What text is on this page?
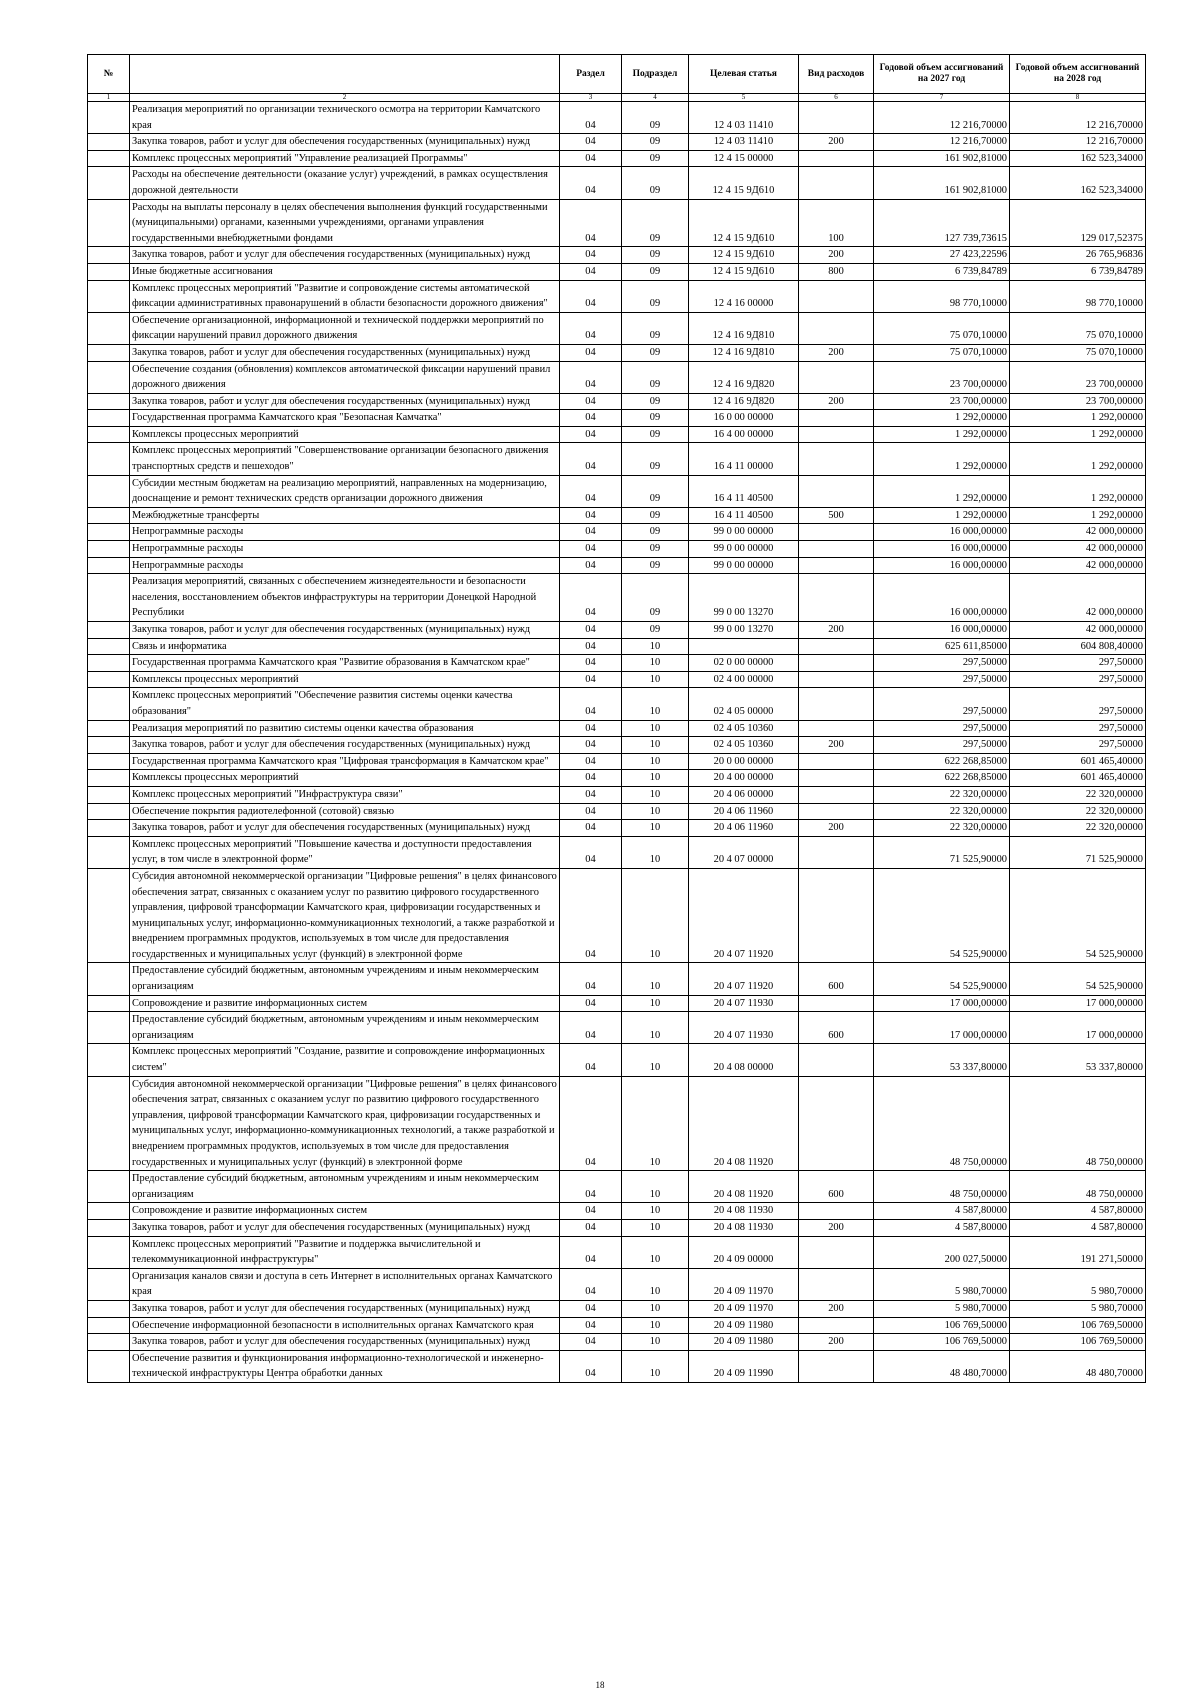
№		Раздел	Подраздел	Целевая статья	Вид расходов	Годовой объем ассигнований на 2027 год	Годовой объем ассигнований на 2028 год
1	2	3	4	5	6	7	8
	Реализация мероприятий по организации технического осмотра на территории Камчатского края	04	09	12 4 03 11410		12 216,70000	12 216,70000
	Закупка товаров, работ и услуг для обеспечения государственных (муниципальных) нужд	04	09	12 4 03 11410	200	12 216,70000	12 216,70000
	Комплекс процессных мероприятий "Управление реализацией Программы"	04	09	12 4 15 00000		161 902,81000	162 523,34000
	Расходы на обеспечение деятельности (оказание услуг) учреждений, в рамках осуществления дорожной деятельности	04	09	12 4 15 9Д610		161 902,81000	162 523,34000
	Расходы на выплаты персоналу в целях обеспечения выполнения функций государственными (муниципальными) органами, казенными учреждениями, органами управления государственными внебюджетными фондами	04	09	12 4 15 9Д610	100	127 739,73615	129 017,52375
	Закупка товаров, работ и услуг для обеспечения государственных (муниципальных) нужд	04	09	12 4 15 9Д610	200	27 423,22596	26 765,96836
	Иные бюджетные ассигнования	04	09	12 4 15 9Д610	800	6 739,84789	6 739,84789
	Комплекс процессных мероприятий "Развитие и сопровождение системы автоматической фиксации административных правонарушений в области безопасности дорожного движения"	04	09	12 4 16 00000		98 770,10000	98 770,10000
	Обеспечение организационной, информационной и технической поддержки мероприятий по фиксации нарушений правил дорожного движения	04	09	12 4 16 9Д810		75 070,10000	75 070,10000
	Закупка товаров, работ и услуг для обеспечения государственных (муниципальных) нужд	04	09	12 4 16 9Д810	200	75 070,10000	75 070,10000
	Обеспечение создания (обновления) комплексов автоматической фиксации нарушений правил дорожного движения	04	09	12 4 16 9Д820		23 700,00000	23 700,00000
	Закупка товаров, работ и услуг для обеспечения государственных (муниципальных) нужд	04	09	12 4 16 9Д820	200	23 700,00000	23 700,00000
	Государственная программа Камчатского края "Безопасная Камчатка"	04	09	16 0 00 00000		1 292,00000	1 292,00000
	Комплексы процессных мероприятий	04	09	16 4 00 00000		1 292,00000	1 292,00000
	Комплекс процессных мероприятий "Совершенствование организации безопасного движения транспортных средств и пешеходов"	04	09	16 4 11 00000		1 292,00000	1 292,00000
	Субсидии местным бюджетам на реализацию мероприятий, направленных на модернизацию, дооснащение и ремонт технических средств организации дорожного движения	04	09	16 4 11 40500		1 292,00000	1 292,00000
	Межбюджетные трансферты	04	09	16 4 11 40500	500	1 292,00000	1 292,00000
	Непрограммные расходы	04	09	99 0 00 00000		16 000,00000	42 000,00000
	Непрограммные расходы	04	09	99 0 00 00000		16 000,00000	42 000,00000
	Непрограммные расходы	04	09	99 0 00 00000		16 000,00000	42 000,00000
	Реализация мероприятий, связанных с обеспечением жизнедеятельности и безопасности населения, восстановлением объектов инфраструктуры на территории Донецкой Народной Республики	04	09	99 0 00 13270		16 000,00000	42 000,00000
	Закупка товаров, работ и услуг для обеспечения государственных (муниципальных) нужд	04	09	99 0 00 13270	200	16 000,00000	42 000,00000
	Связь и информатика	04	10			625 611,85000	604 808,40000
	Государственная программа Камчатского края "Развитие образования в Камчатском крае"	04	10	02 0 00 00000		297,50000	297,50000
	Комплексы процессных мероприятий	04	10	02 4 00 00000		297,50000	297,50000
	Комплекс процессных мероприятий "Обеспечение развития системы оценки качества образования"	04	10	02 4 05 00000		297,50000	297,50000
	Реализация мероприятий по развитию системы оценки качества образования	04	10	02 4 05 10360		297,50000	297,50000
	Закупка товаров, работ и услуг для обеспечения государственных (муниципальных) нужд	04	10	02 4 05 10360	200	297,50000	297,50000
	Государственная программа Камчатского края "Цифровая трансформация в Камчатском крае"	04	10	20 0 00 00000		622 268,85000	601 465,40000
	Комплексы процессных мероприятий	04	10	20 4 00 00000		622 268,85000	601 465,40000
	Комплекс процессных мероприятий "Инфраструктура связи"	04	10	20 4 06 00000		22 320,00000	22 320,00000
	Обеспечение покрытия радиотелефонной (сотовой) связью	04	10	20 4 06 11960		22 320,00000	22 320,00000
	Закупка товаров, работ и услуг для обеспечения государственных (муниципальных) нужд	04	10	20 4 06 11960	200	22 320,00000	22 320,00000
	Комплекс процессных мероприятий "Повышение качества и доступности предоставления услуг, в том числе в электронной форме"	04	10	20 4 07 00000		71 525,90000	71 525,90000
	Субсидия автономной некоммерческой организации "Цифровые решения" в целях финансового обеспечения затрат, связанных с оказанием услуг по развитию цифрового государственного управления, цифровой трансформации Камчатского края, цифровизации государственных и муниципальных услуг, информационно-коммуникационных технологий, а также разработкой и внедрением программных продуктов, используемых в том числе для предоставления государственных и муниципальных услуг (функций) в электронной форме	04	10	20 4 07 11920		54 525,90000	54 525,90000
	Предоставление субсидий бюджетным, автономным учреждениям и иным некоммерческим организациям	04	10	20 4 07 11920	600	54 525,90000	54 525,90000
	Сопровождение и развитие информационных систем	04	10	20 4 07 11930		17 000,00000	17 000,00000
	Предоставление субсидий бюджетным, автономным учреждениям и иным некоммерческим организациям	04	10	20 4 07 11930	600	17 000,00000	17 000,00000
	Комплекс процессных мероприятий "Создание, развитие и сопровождение информационных систем"	04	10	20 4 08 00000		53 337,80000	53 337,80000
	Субсидия автономной некоммерческой организации "Цифровые решения" в целях финансового обеспечения затрат, связанных с оказанием услуг по развитию цифрового государственного управления, цифровой трансформации Камчатского края, цифровизации государственных и муниципальных услуг, информационно-коммуникационных технологий, а также разработкой и внедрением программных продуктов, используемых в том числе для предоставления государственных и муниципальных услуг (функций) в электронной форме	04	10	20 4 08 11920		48 750,00000	48 750,00000
	Предоставление субсидий бюджетным, автономным учреждениям и иным некоммерческим организациям	04	10	20 4 08 11920	600	48 750,00000	48 750,00000
	Сопровождение и развитие информационных систем	04	10	20 4 08 11930		4 587,80000	4 587,80000
	Закупка товаров, работ и услуг для обеспечения государственных (муниципальных) нужд	04	10	20 4 08 11930	200	4 587,80000	4 587,80000
	Комплекс процессных мероприятий "Развитие и поддержка вычислительной и телекоммуникационной инфраструктуры"	04	10	20 4 09 00000		200 027,50000	191 271,50000
	Организация каналов связи и доступа в сеть Интернет в исполнительных органах Камчатского края	04	10	20 4 09 11970		5 980,70000	5 980,70000
	Закупка товаров, работ и услуг для обеспечения государственных (муниципальных) нужд	04	10	20 4 09 11970	200	5 980,70000	5 980,70000
	Обеспечение информационной безопасности в исполнительных органах Камчатского края	04	10	20 4 09 11980		106 769,50000	106 769,50000
	Закупка товаров, работ и услуг для обеспечения государственных (муниципальных) нужд	04	10	20 4 09 11980	200	106 769,50000	106 769,50000
	Обеспечение развития и функционирования информационно-технологической и инженерно-технической инфраструктуры Центра обработки данных	04	10	20 4 09 11990		48 480,70000	48 480,70000
18
